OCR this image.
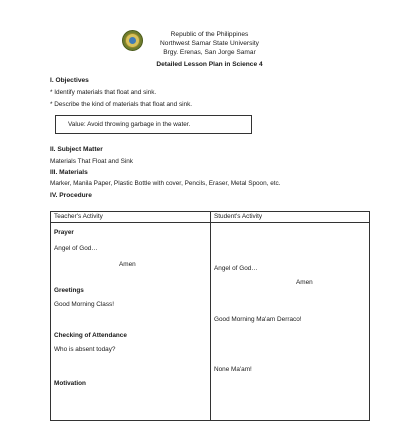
Republic of the Philippines
Northwest Samar State University
Brgy. Erenas, San Jorge Samar
Detailed Lesson Plan in Science 4
I. Objectives
* Identify materials that float and sink.
* Describe the kind of materials that float and sink.
Value: Avoid throwing garbage in the water.
II. Subject Matter
Materials That Float and Sink
III. Materials
Marker, Manila Paper, Plastic Bottle with cover, Pencils, Eraser, Metal Spoon, etc.
IV. Procedure
Teacher's Activity	Student's Activity
Prayer
Angel of God…
Amen
Greetings
Good Morning Class!
Checking of Attendance
Who is absent today?
Motivation
Angel of God…
Amen
Good Morning Ma'am Derraco!
None Ma'am!
